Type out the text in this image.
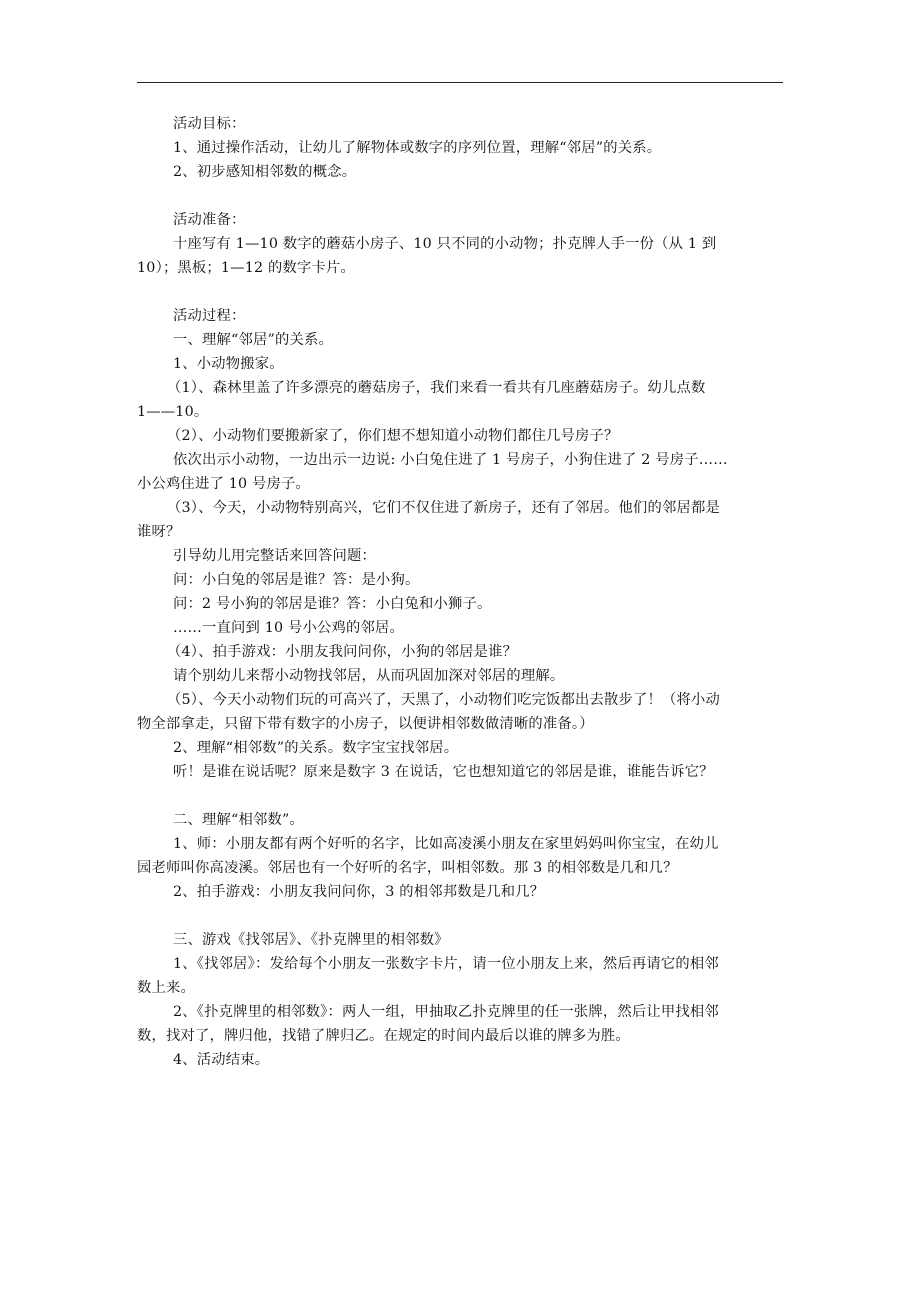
活动目标：
1、通过操作活动，让幼儿了解物体或数字的序列位置，理解“邻居”的关系。
2、初步感知相邻数的概念。
活动准备：
十座写有 1—10 数字的蘑菇小房子、10 只不同的小动物；扑克牌人手一份（从 1 到
10）；黑板；1—12 的数字卡片。
活动过程：
一、理解“邻居”的关系。
1、小动物搬家。
（1）、森林里盖了许多漂亮的蘑菇房子，我们来看一看共有几座蘑菇房子。幼儿点数
1——10。
（2）、小动物们要搬新家了，你们想不想知道小动物们都住几号房子？
依次出示小动物，一边出示一边说: 小白兔住进了 1 号房子，小狗住进了 2 号房子……
小公鸡住进了 10 号房子。
（3）、今天，小动物特别高兴，它们不仅住进了新房子，还有了邻居。他们的邻居都是
谁呀？
引导幼儿用完整话来回答问题：
问：小白兔的邻居是谁？答：是小狗。
问：2 号小狗的邻居是谁？答：小白兔和小狮子。
……一直问到 10 号小公鸡的邻居。
（4）、拍手游戏：小朋友我问问你，小狗的邻居是谁？
请个别幼儿来帮小动物找邻居，从而巩固加深对邻居的理解。
（5）、今天小动物们玩的可高兴了，天黑了，小动物们吃完饭都出去散步了！（将小动
物全部拿走，只留下带有数字的小房子，以便讲相邻数做清晰的准备。）
2、理解“相邻数”的关系。数字宝宝找邻居。
听！是谁在说话呢？原来是数字 3 在说话，它也想知道它的邻居是谁，谁能告诉它？
二、理解“相邻数”。
1、师：小朋友都有两个好听的名字，比如高凌溪小朋友在家里妈妈叫你宝宝，在幼儿
园老师叫你高凌溪。邻居也有一个好听的名字，叫相邻数。那 3 的相邻数是几和几？
2、拍手游戏：小朋友我问问你，3 的相邻邦数是几和几？
三、游戏《找邻居》、《扑克牌里的相邻数》
1、《找邻居》：发给每个小朋友一张数字卡片，请一位小朋友上来，然后再请它的相邻
数上来。
2、《扑克牌里的相邻数》：两人一组，甲抽取乙扑克牌里的任一张牌，然后让甲找相邻
数，找对了，牌归他，找错了牌归乙。在规定的时间内最后以谁的牌多为胜。
4、活动结束。
